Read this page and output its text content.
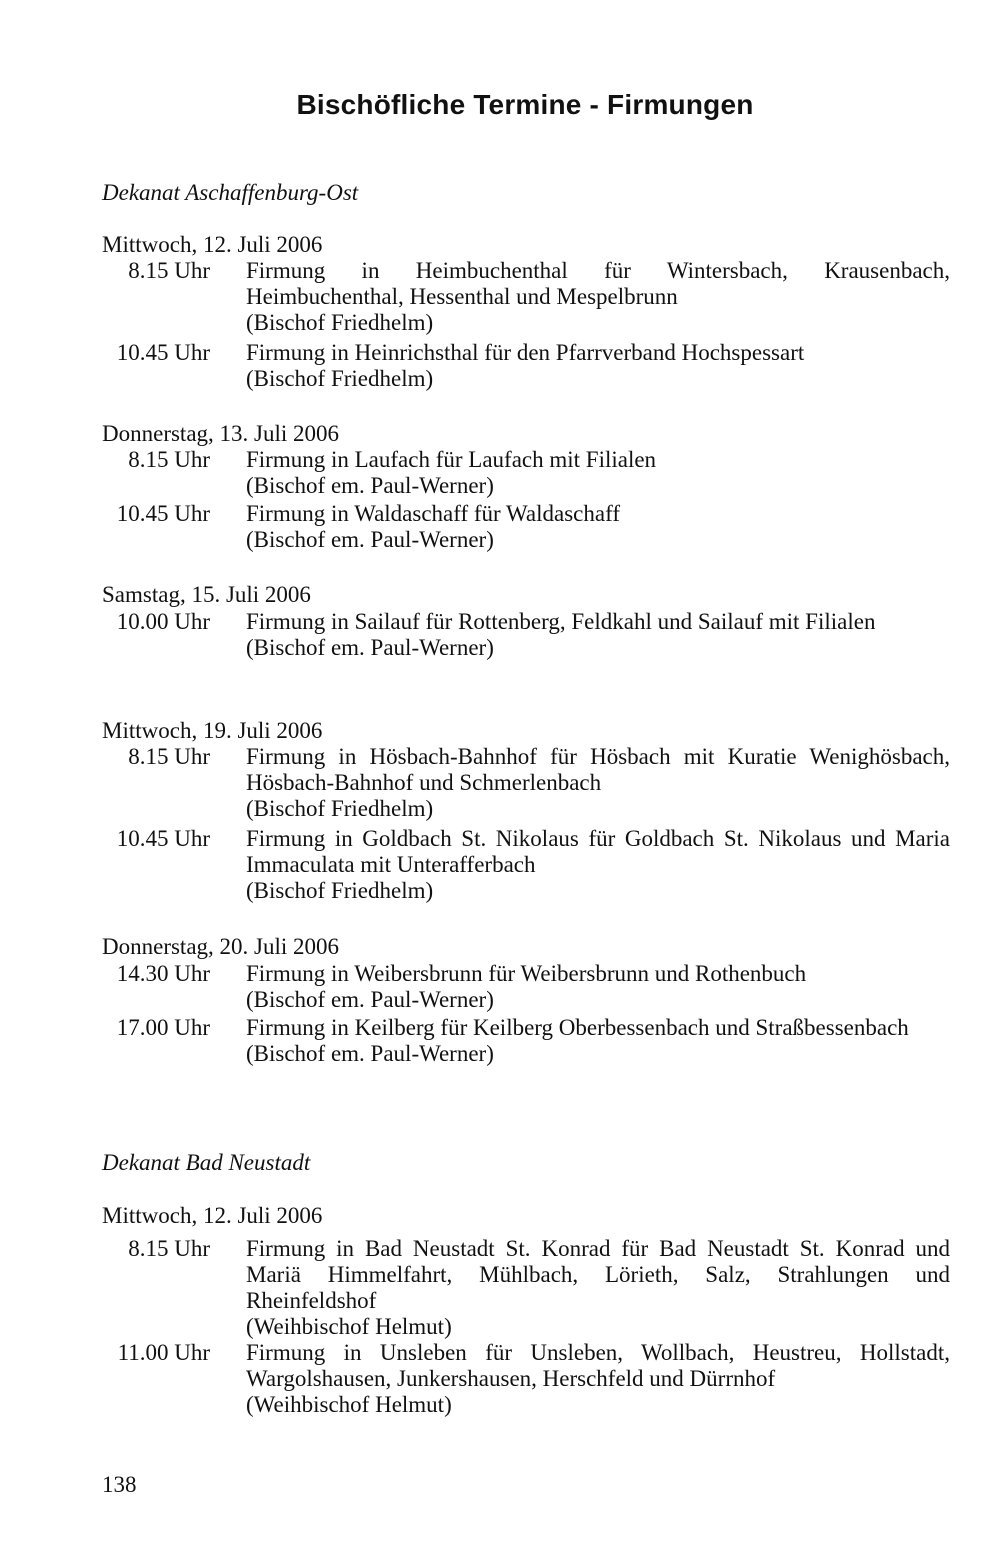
Bischöfliche Termine - Firmungen

Dekanat Aschaffenburg-Ost

Mittwoch, 12. Juli 2006

8.15 Uhr Firmung in Heimbuchenthal für Wintersbach, Krausenbach, Heimbuchenthal, Hessenthal und Mespelbrunn
(Bischof Friedhelm)
10.45 Uhr Firmung in Heinrichsthal für den Pfarrverband Hochspessart
(Bischof Friedhelm)

Donnerstag, 13. Juli 2006

8.15 Uhr Firmung in Laufach für Laufach mit Filialen
(Bischof em. Paul-Werner)
10.45 Uhr Firmung in Waldaschaff für Waldaschaff
(Bischof em. Paul-Werner)

Samstag, 15. Juli 2006

10.00 Uhr Firmung in Sailauf für Rottenberg, Feldkahl und Sailauf mit Filialen
(Bischof em. Paul-Werner)

Mittwoch, 19. Juli 2006

8.15 Uhr Firmung in Hösbach-Bahnhof für Hösbach mit Kuratie Wenighösbach, Hösbach-Bahnhof und Schmerlenbach
(Bischof Friedhelm)
10.45 Uhr Firmung in Goldbach St. Nikolaus für Goldbach St. Nikolaus und Maria Immaculata mit Unterafferbach
(Bischof Friedhelm)

Donnerstag, 20. Juli 2006

14.30 Uhr Firmung in Weibersbrunn für Weibersbrunn und Rothenbuch
(Bischof em. Paul-Werner)
17.00 Uhr Firmung in Keilberg für Keilberg Oberbessenbach und Straßbessenbach
(Bischof em. Paul-Werner)

Dekanat Bad Neustadt

Mittwoch, 12. Juli 2006

8.15 Uhr Firmung in Bad Neustadt St. Konrad für Bad Neustadt St. Konrad und Mariä Himmelfahrt, Mühlbach, Lörieth, Salz, Strahlungen und Rheinfeldshof
(Weihbischof Helmut)
11.00 Uhr Firmung in Unsleben für Unsleben, Wollbach, Heustreu, Hollstadt, Wargolshausen, Junkershausen, Herschfeld und Dürrnhof
(Weihbischof Helmut)

138
